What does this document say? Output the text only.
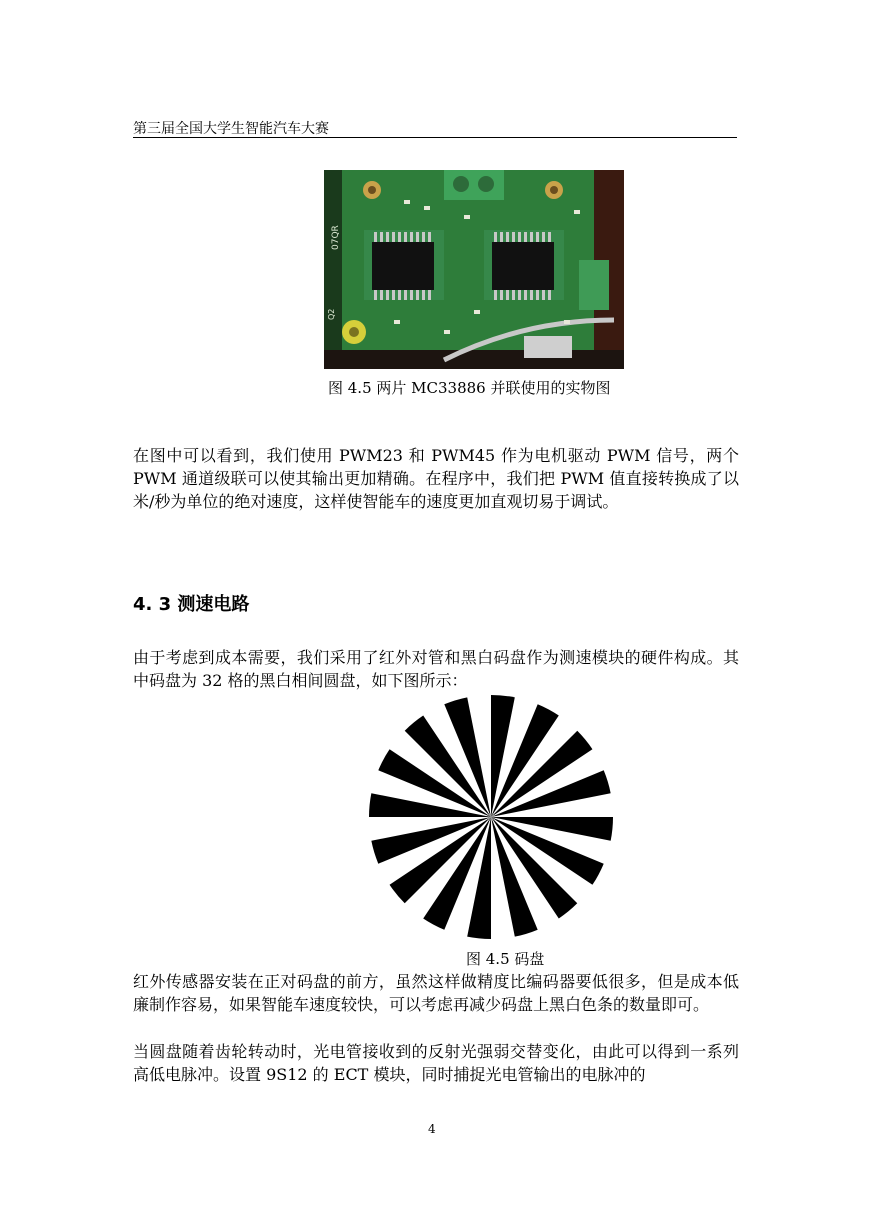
第三届全国大学生智能汽车大赛
07QR
Q2
图 4.5 两片 MC33886 并联使用的实物图
在图中可以看到，我们使用 PWM23 和 PWM45 作为电机驱动 PWM 信号，两个 PWM 通道级联可以使其输出更加精确。在程序中，我们把 PWM 值直接转换成了以米/秒为单位的绝对速度，这样使智能车的速度更加直观切易于调试。
4. 3 测速电路
由于考虑到成本需要，我们采用了红外对管和黑白码盘作为测速模块的硬件构成。其中码盘为 32 格的黑白相间圆盘，如下图所示：
图 4.5 码盘
红外传感器安装在正对码盘的前方，虽然这样做精度比编码器要低很多，但是成本低廉制作容易，如果智能车速度较快，可以考虑再减少码盘上黑白色条的数量即可。
当圆盘随着齿轮转动时，光电管接收到的反射光强弱交替变化，由此可以得到一系列高低电脉冲。设置 9S12 的 ECT 模块，同时捕捉光电管输出的电脉冲的
4
